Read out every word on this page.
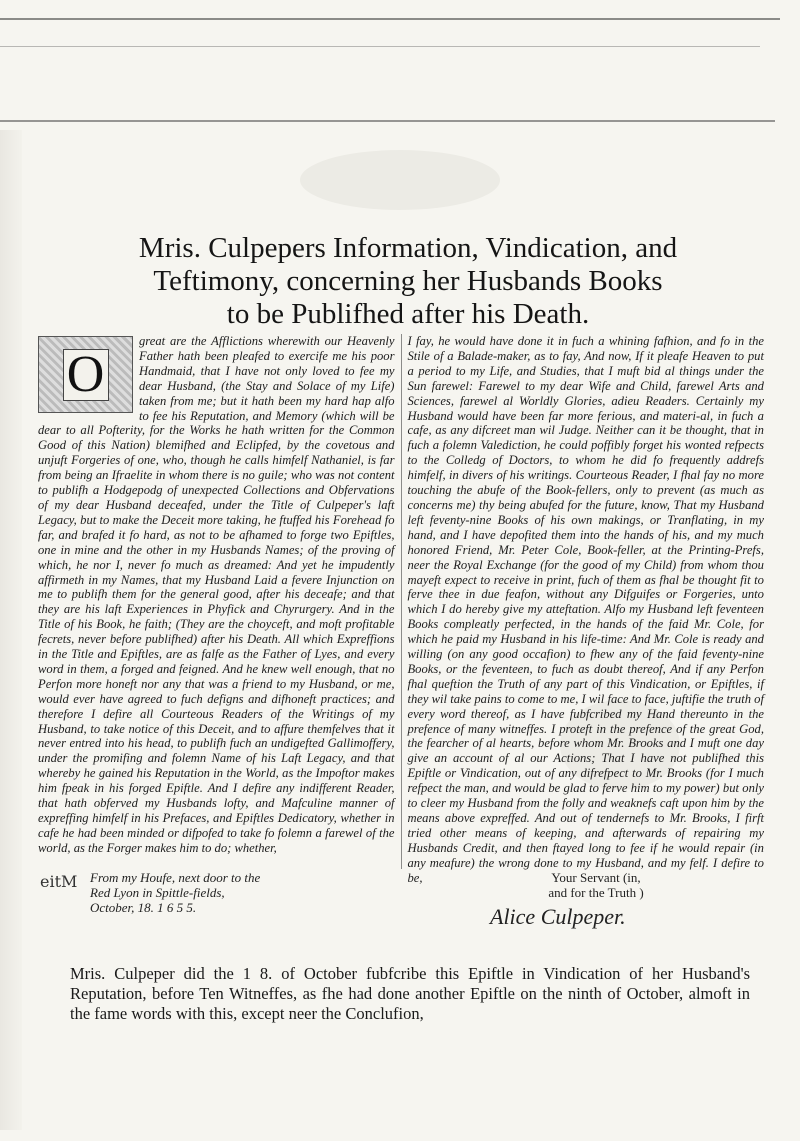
Mris. Culpepers Information, Vindication, and
Teftimony, concerning her Husbands Books
to be Publifhed after his Death.
O
great are the Afflictions wherewith our Heavenly Father hath been pleafed to exercife me his poor Handmaid, that I have not only loved to fee my dear Husband, (the Stay and Solace of my Life) taken from me; but it hath been my hard hap alfo to fee his Reputation, and Memory (which will be dear to all Pofterity, for the Works he hath written for the Common Good of this Nation) blemifhed and Eclipfed, by the covetous and unjuft Forgeries of one, who, though he calls himfelf Nathaniel, is far from being an Ifraelite in whom there is no guile; who was not content to publifh a Hodgepodg of unexpected Collections and Obfervations of my dear Husband deceafed, under the Title of Culpeper's laft Legacy, but to make the Deceit more taking, he ftuffed his Forehead fo far, and brafed it fo hard, as not to be afhamed to forge two Epiftles, one in mine and the other in my Husbands Names; of the proving of which, he nor I, never fo much as dreamed: And yet he impudently affirmeth in my Names, that my Husband Laid a fevere Injunction on me to publifh them for the general good, after his deceafe; and that they are his laft Experiences in Phyfick and Chyrurgery. And in the Title of his Book, he faith; (They are the choyceft, and moft profitable fecrets, never before publifhed) after his Death. All which Expreffions in the Title and Epiftles, are as falfe as the Father of Lyes, and every word in them, a forged and feigned. And he knew well enough, that no Perfon more honeft nor any that was a friend to my Husband, or me, would ever have agreed to fuch defigns and difhoneft practices; and therefore I defire all Courteous Readers of the Writings of my Husband, to take notice of this Deceit, and to affure themfelves that it never entred into his head, to publifh fuch an undigefted Gallimoffery, under the promifing and folemn Name of his Laft Legacy, and that whereby he gained his Reputation in the World, as the Impoftor makes him fpeak in his forged Epiftle. And I defire any indifferent Reader, that hath obferved my Husbands lofty, and Mafculine manner of expreffing himfelf in his Prefaces, and Epiftles Dedicatory, whether in cafe he had been minded or difpofed to take fo folemn a farewel of the world, as the Forger makes him to do; whether,
I fay, he would have done it in fuch a whining fafhion, and fo in the Stile of a Balade-maker, as to fay, And now, If it pleafe Heaven to put a period to my Life, and Studies, that I muft bid al things under the Sun farewel: Farewel to my dear Wife and Child, farewel Arts and Sciences, farewel al Worldly Glories, adieu Readers. Certainly my Husband would have been far more ferious, and materi-al, in fuch a cafe, as any difcreet man wil Judge. Neither can it be thought, that in fuch a folemn Valediction, he could poffibly forget his wonted refpects to the Colledg of Doctors, to whom he did fo frequently addrefs himfelf, in divers of his writings. Courteous Reader, I fhal fay no more touching the abufe of the Book-fellers, only to prevent (as much as concerns me) thy being abufed for the future, know, That my Husband left feventy-nine Books of his own makings, or Tranflating, in my hand, and I have depofited them into the hands of his, and my much honored Friend, Mr. Peter Cole, Book-feller, at the Printing-Prefs, neer the Royal Exchange (for the good of my Child) from whom thou mayeft expect to receive in print, fuch of them as fhal be thought fit to ferve thee in due feafon, without any Difguifes or Forgeries, unto which I do hereby give my atteftation. Alfo my Husband left feventeen Books compleatly perfected, in the hands of the faid Mr. Cole, for which he paid my Husband in his life-time: And Mr. Cole is ready and willing (on any good occafion) to fhew any of the faid feventy-nine Books, or the feventeen, to fuch as doubt thereof, And if any Perfon fhal queftion the Truth of any part of this Vindication, or Epiftles, if they wil take pains to come to me, I wil face to face, juftifie the truth of every word thereof, as I have fubfcribed my Hand thereunto in the prefence of many witneffes. I proteft in the prefence of the great God, the fearcher of al hearts, before whom Mr. Brooks and I muft one day give an account of al our Actions; That I have not publifhed this Epiftle or Vindication, out of any difrefpect to Mr. Brooks (for I much refpect the man, and would be glad to ferve him to my power) but only to cleer my Husband from the folly and weaknefs caft upon him by the means above expreffed. And out of tendernefs to Mr. Brooks, I firft tried other means of keeping, and afterwards of repairing my Husbands Credit, and then ftayed long to fee if he would repair (in any meafure) the wrong done to my Husband, and my felf. I defire to be,
eitM From my Houfe, next door to the
Red Lyon in Spittle-fields,
October, 18. 1 6 5 5.
Your Servant (in,
and for the Truth )
Alice Culpeper.
Mris. Culpeper did the 1 8. of October fubfcribe this Epiftle in Vindication of her Husband's Reputation, before Ten Witneffes, as fhe had done another Epiftle on the ninth of October, almoft in the fame words with this, except neer the Conclufion,
